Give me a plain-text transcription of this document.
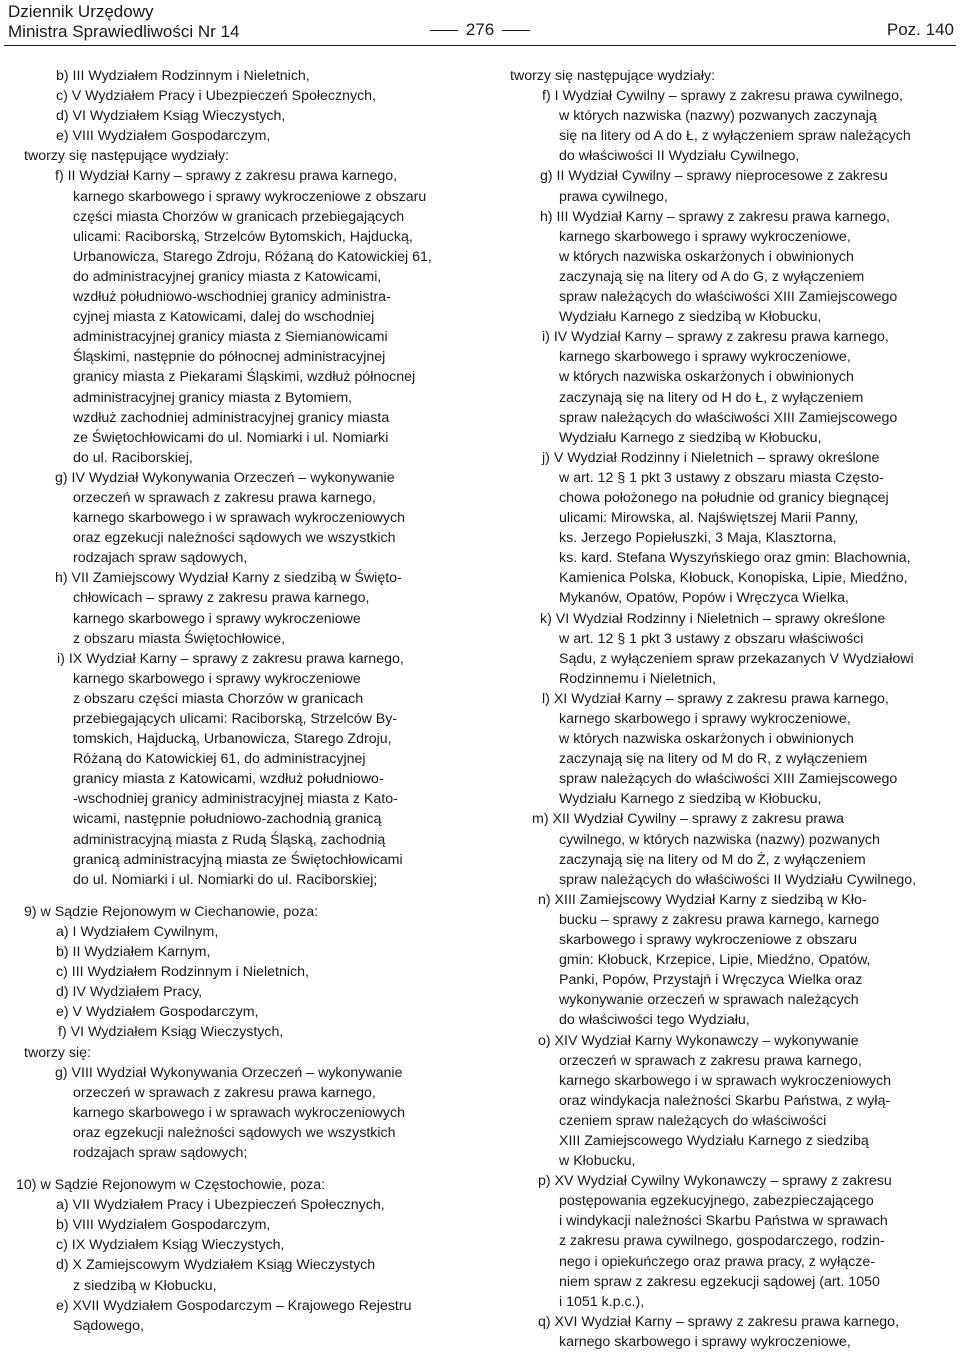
Dziennik Urzędowy
Ministra Sprawiedliwości Nr 14	276	Poz. 140
b) III Wydziałem Rodzinnym i Nieletnich,
c) V Wydziałem Pracy i Ubezpieczeń Społecznych,
d) VI Wydziałem Ksiąg Wieczystych,
e) VIII Wydziałem Gospodarczym,
tworzy się następujące wydziały:
f) II Wydział Karny – sprawy z zakresu prawa karnego,
karnego skarbowego i sprawy wykroczeniowe z obszaru
części miasta Chorzów w granicach przebiegających
ulicami: Raciborską, Strzelców Bytomskich, Hajducką,
Urbanowicza, Starego Zdroju, Różaną do Katowickiej 61,
do administracyjnej granicy miasta z Katowicami,
wzdłuż południowo-wschodniej granicy administra-
cyjnej miasta z Katowicami, dalej do wschodniej
administracyjnej granicy miasta z Siemianowicami
Śląskimi, następnie do północnej administracyjnej
granicy miasta z Piekarami Śląskimi, wzdłuż północnej
administracyjnej granicy miasta z Bytomiem,
wzdłuż zachodniej administracyjnej granicy miasta
ze Świętochłowicami do ul. Nomiarki i ul. Nomiarki
do ul. Raciborskiej,
g) IV Wydział Wykonywania Orzeczeń – wykonywanie
orzeczeń w sprawach z zakresu prawa karnego,
karnego skarbowego i w sprawach wykroczeniowych
oraz egzekucji należności sądowych we wszystkich
rodzajach spraw sądowych,
h) VII Zamiejscowy Wydział Karny z siedzibą w Święto-
chłowicach – sprawy z zakresu prawa karnego,
karnego skarbowego i sprawy wykroczeniowe
z obszaru miasta Świętochłowice,
i) IX Wydział Karny – sprawy z zakresu prawa karnego,
karnego skarbowego i sprawy wykroczeniowe
z obszaru części miasta Chorzów w granicach
przebiegających ulicami: Raciborską, Strzelców By-
tomskich, Hajducką, Urbanowicza, Starego Zdroju,
Różaną do Katowickiej 61, do administracyjnej
granicy miasta z Katowicami, wzdłuż południowo-
-wschodniej granicy administracyjnej miasta z Kato-
wicami, następnie południowo-zachodnią granicą
administracyjną miasta z Rudą Śląską, zachodnią
granicą administracyjną miasta ze Świętochłowicami
do ul. Nomiarki i ul. Nomiarki do ul. Raciborskiej;
9) w Sądzie Rejonowym w Ciechanowie, poza:
a) I Wydziałem Cywilnym,
b) II Wydziałem Karnym,
c) III Wydziałem Rodzinnym i Nieletnich,
d) IV Wydziałem Pracy,
e) V Wydziałem Gospodarczym,
f) VI Wydziałem Ksiąg Wieczystych,
tworzy się:
g) VIII Wydział Wykonywania Orzeczeń – wykonywanie
orzeczeń w sprawach z zakresu prawa karnego,
karnego skarbowego i w sprawach wykroczeniowych
oraz egzekucji należności sądowych we wszystkich
rodzajach spraw sądowych;
10) w Sądzie Rejonowym w Częstochowie, poza:
a) VII Wydziałem Pracy i Ubezpieczeń Społecznych,
b) VIII Wydziałem Gospodarczym,
c) IX Wydziałem Ksiąg Wieczystych,
d) X Zamiejscowym Wydziałem Ksiąg Wieczystych
z siedzibą w Kłobucku,
e) XVII Wydziałem Gospodarczym – Krajowego Rejestru
Sądowego,
tworzy się następujące wydziały:
f) I Wydział Cywilny – sprawy z zakresu prawa cywilnego,
w których nazwiska (nazwy) pozwanych zaczynają
się na litery od A do Ł, z wyłączeniem spraw należących
do właściwości II Wydziału Cywilnego,
g) II Wydział Cywilny – sprawy nieprocesowe z zakresu
prawa cywilnego,
h) III Wydział Karny – sprawy z zakresu prawa karnego,
karnego skarbowego i sprawy wykroczeniowe,
w których nazwiska oskarżonych i obwinionych
zaczynają się na litery od A do G, z wyłączeniem
spraw należących do właściwości XIII Zamiejscowego
Wydziału Karnego z siedzibą w Kłobucku,
i) IV Wydział Karny – sprawy z zakresu prawa karnego,
karnego skarbowego i sprawy wykroczeniowe,
w których nazwiska oskarżonych i obwinionych
zaczynają się na litery od H do Ł, z wyłączeniem
spraw należących do właściwości XIII Zamiejscowego
Wydziału Karnego z siedzibą w Kłobucku,
j) V Wydział Rodzinny i Nieletnich – sprawy określone
w art. 12 § 1 pkt 3 ustawy z obszaru miasta Często-
chowa położonego na południe od granicy biegnącej
ulicami: Mirowska, al. Najświętszej Marii Panny,
ks. Jerzego Popiełuszki, 3 Maja, Klasztorna,
ks. kard. Stefana Wyszyńskiego oraz gmin: Blachownia,
Kamienica Polska, Kłobuck, Konopiska, Lipie, Miedźno,
Mykanów, Opatów, Popów i Wręczyca Wielka,
k) VI Wydział Rodzinny i Nieletnich – sprawy określone
w art. 12 § 1 pkt 3 ustawy z obszaru właściwości
Sądu, z wyłączeniem spraw przekazanych V Wydziałowi
Rodzinnemu i Nieletnich,
l) XI Wydział Karny – sprawy z zakresu prawa karnego,
karnego skarbowego i sprawy wykroczeniowe,
w których nazwiska oskarżonych i obwinionych
zaczynają się na litery od M do R, z wyłączeniem
spraw należących do właściwości XIII Zamiejscowego
Wydziału Karnego z siedzibą w Kłobucku,
m) XII Wydział Cywilny – sprawy z zakresu prawa
cywilnego, w których nazwiska (nazwy) pozwanych
zaczynają się na litery od M do Ż, z wyłączeniem
spraw należących do właściwości II Wydziału Cywilnego,
n) XIII Zamiejscowy Wydział Karny z siedzibą w Kło-
bucku – sprawy z zakresu prawa karnego, karnego
skarbowego i sprawy wykroczeniowe z obszaru
gmin: Kłobuck, Krzepice, Lipie, Miedźno, Opatów,
Panki, Popów, Przystajń i Wręczyca Wielka oraz
wykonywanie orzeczeń w sprawach należących
do właściwości tego Wydziału,
o) XIV Wydział Karny Wykonawczy – wykonywanie
orzeczeń w sprawach z zakresu prawa karnego,
karnego skarbowego i w sprawach wykroczeniowych
oraz windykacja należności Skarbu Państwa, z wyłą-
czeniem spraw należących do właściwości
XIII Zamiejscowego Wydziału Karnego z siedzibą
w Kłobucku,
p) XV Wydział Cywilny Wykonawczy – sprawy z zakresu
postępowania egzekucyjnego, zabezpieczającego
i windykacji należności Skarbu Państwa w sprawach
z zakresu prawa cywilnego, gospodarczego, rodzin-
nego i opiekuńczego oraz prawa pracy, z wyłącze-
niem spraw z zakresu egzekucji sądowej (art. 1050
i 1051 k.p.c.),
q) XVI Wydział Karny – sprawy z zakresu prawa karnego,
karnego skarbowego i sprawy wykroczeniowe,
